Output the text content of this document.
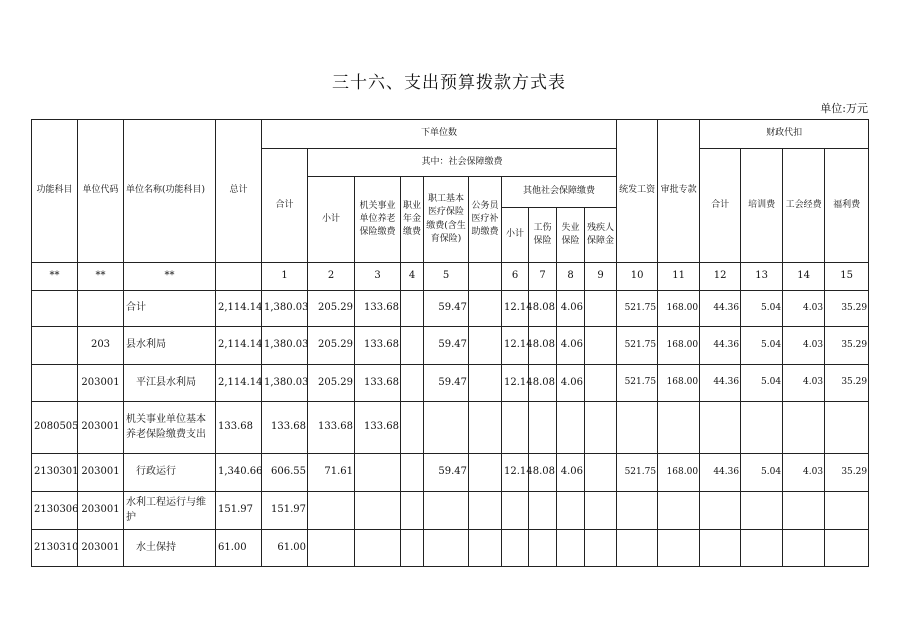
三十六、支出预算拨款方式表
单位:万元
功能科目	单位代码	单位名称(功能科目)	总计	下单位数										统发工资	审批专款	财政代扣			
				合计	其中：社会保障缴费											合计	培训费	工会经费	福利费
					小计	机关事业单位养老保险缴费	职业年金缴费	职工基本医疗保险缴费(含生育保险)	公务员医疗补助缴费	其他社会保障缴费									
										小计	工伤保险	失业保险	残疾人保障金						
**	**	**		1	2	3	4	5		6	7	8	9	10	11	12	13	14	15
		合计	2,114.14	1,380.03	205.29	133.68		59.47		12.14	8.08	4.06		521.75	168.00	44.36	5.04	4.03	35.29
	203	县水利局	2,114.14	1,380.03	205.29	133.68		59.47		12.14	8.08	4.06		521.75	168.00	44.36	5.04	4.03	35.29
	203001	平江县水利局	2,114.14	1,380.03	205.29	133.68		59.47		12.14	8.08	4.06		521.75	168.00	44.36	5.04	4.03	35.29
2080505	203001	机关事业单位基本养老保险缴费支出	133.68	133.68	133.68	133.68													
2130301	203001	行政运行	1,340.66	606.55	71.61			59.47		12.14	8.08	4.06		521.75	168.00	44.36	5.04	4.03	35.29
2130306	203001	水利工程运行与维护	151.97	151.97															
2130310	203001	水土保持	61.00	61.00															
